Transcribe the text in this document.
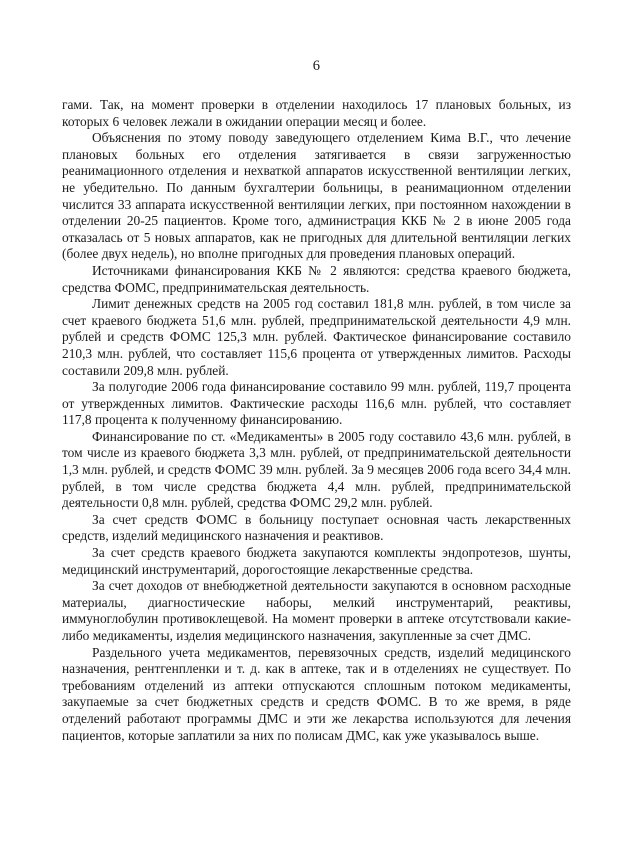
6

гами. Так, на момент проверки в отделении находилось 17 плановых больных, из которых 6 человек лежали в ожидании операции месяц и более.

Объяснения по этому поводу заведующего отделением Кима В.Г., что лечение плановых больных его отделения затягивается в связи загруженностью реанимационного отделения и нехваткой аппаратов искусственной вентиляции легких, не убедительно. По данным бухгалтерии больницы, в реанимационном отделении числится 33 аппарата искусственной вентиляции легких, при постоянном нахождении в отделении 20-25 пациентов. Кроме того, администрация ККБ № 2 в июне 2005 года отказалась от 5 новых аппаратов, как не пригодных для длительной вентиляции легких (более двух недель), но вполне пригодных для проведения плановых операций.

Источниками финансирования ККБ № 2 являются: средства краевого бюджета, средства ФОМС, предпринимательская деятельность.

Лимит денежных средств на 2005 год составил 181,8 млн. рублей, в том числе за счет краевого бюджета 51,6 млн. рублей, предпринимательской деятельности 4,9 млн. рублей и средств ФОМС 125,3 млн. рублей. Фактическое финансирование составило 210,3 млн. рублей, что составляет 115,6 процента от утвержденных лимитов. Расходы составили 209,8 млн. рублей.

За полугодие 2006 года финансирование составило 99 млн. рублей, 119,7 процента от утвержденных лимитов. Фактические расходы 116,6 млн. рублей, что составляет 117,8 процента к полученному финансированию.

Финансирование по ст. «Медикаменты» в 2005 году составило 43,6 млн. рублей, в том числе из краевого бюджета 3,3 млн. рублей, от предпринимательской деятельности 1,3 млн. рублей, и средств ФОМС 39 млн. рублей. За 9 месяцев 2006 года всего 34,4 млн. рублей, в том числе средства бюджета 4,4 млн. рублей, предпринимательской деятельности 0,8 млн. рублей, средства ФОМС 29,2 млн. рублей.

За счет средств ФОМС в больницу поступает основная часть лекарственных средств, изделий медицинского назначения и реактивов.

За счет средств краевого бюджета закупаются комплекты эндопротезов, шунты, медицинский инструментарий, дорогостоящие лекарственные средства.

За счет доходов от внебюджетной деятельности закупаются в основном расходные материалы, диагностические наборы, мелкий инструментарий, реактивы, иммуноглобулин противоклещевой. На момент проверки в аптеке отсутствовали какие-либо медикаменты, изделия медицинского назначения, закупленные за счет ДМС.

Раздельного учета медикаментов, перевязочных средств, изделий медицинского назначения, рентгенпленки и т. д. как в аптеке, так и в отделениях не существует. По требованиям отделений из аптеки отпускаются сплошным потоком медикаменты, закупаемые за счет бюджетных средств и средств ФОМС. В то же время, в ряде отделений работают программы ДМС и эти же лекарства используются для лечения пациентов, которые заплатили за них по полисам ДМС, как уже указывалось выше.
